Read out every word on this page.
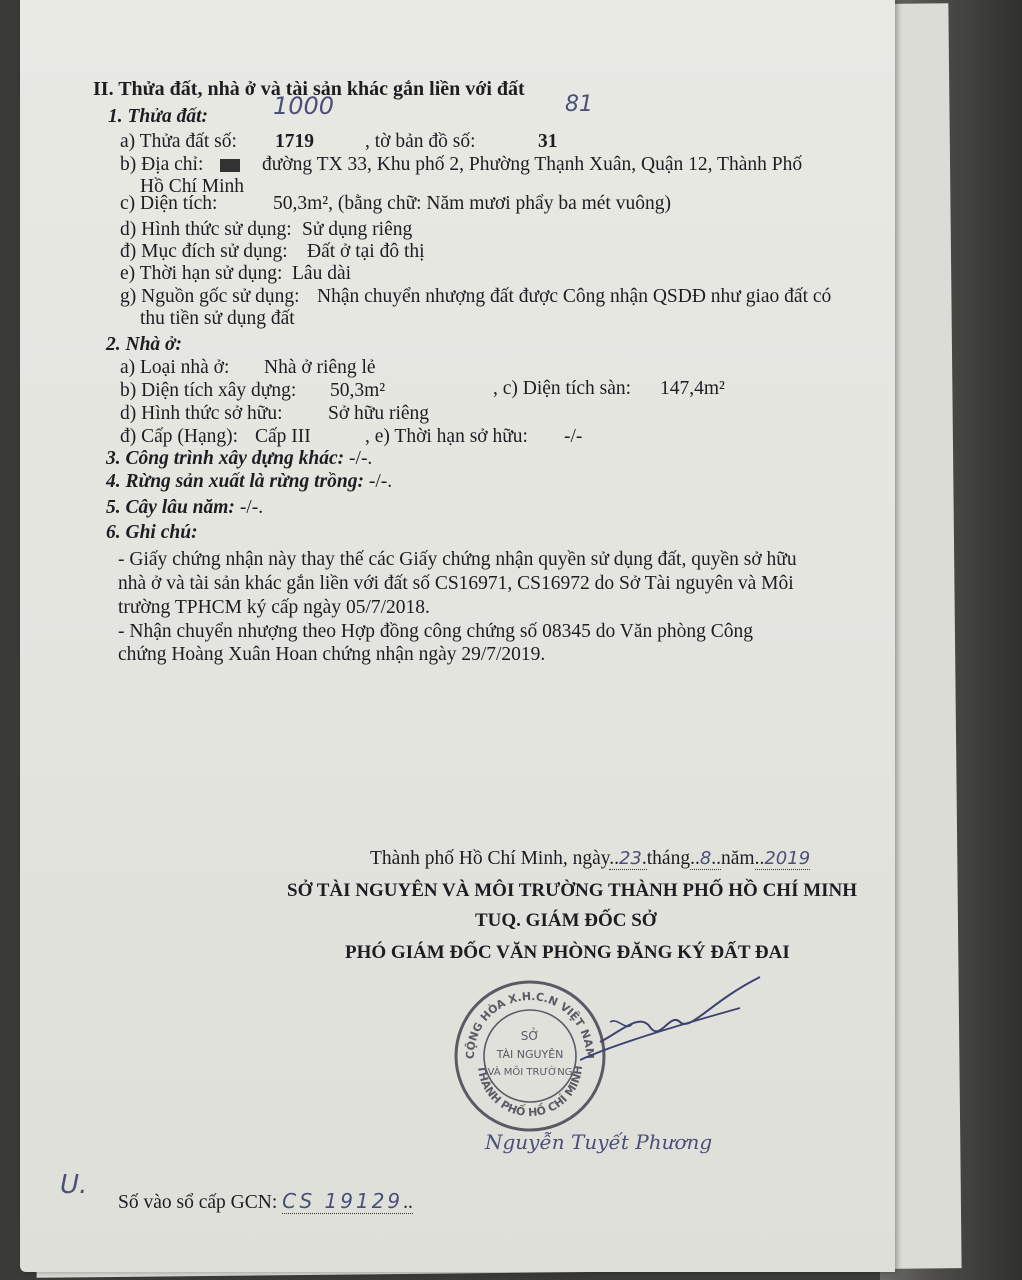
II. Thửa đất, nhà ở và tài sản khác gắn liền với đất
1. Thửa đất:	1000	81
a) Thửa đất số: 1719	, tờ bản đồ số:	31
b) Địa chỉ:	đường TX 33, Khu phố 2, Phường Thạnh Xuân, Quận 12, Thành Phố
Hồ Chí Minh
c) Diện tích:	50,3m², (bằng chữ: Năm mươi phẩy ba mét vuông)
d) Hình thức sử dụng: Sử dụng riêng
đ) Mục đích sử dụng: Đất ở tại đô thị
e) Thời hạn sử dụng: Lâu dài
g) Nguồn gốc sử dụng: Nhận chuyển nhượng đất được Công nhận QSDĐ như giao đất có
thu tiền sử dụng đất
2. Nhà ở:
a) Loại nhà ở: Nhà ở riêng lẻ
b) Diện tích xây dựng: 50,3m²	, c) Diện tích sàn: 147,4m²
d) Hình thức sở hữu: Sở hữu riêng
đ) Cấp (Hạng): Cấp III	, e) Thời hạn sở hữu: -/-
3. Công trình xây dựng khác: -/-.
4. Rừng sản xuất là rừng trồng: -/-.
5. Cây lâu năm: -/-.
6. Ghi chú:
- Giấy chứng nhận này thay thế các Giấy chứng nhận quyền sử dụng đất, quyền sở hữu
nhà ở và tài sản khác gắn liền với đất số CS16971, CS16972 do Sở Tài nguyên và Môi
trường TPHCM ký cấp ngày 05/7/2018.
- Nhận chuyển nhượng theo Hợp đồng công chứng số 08345 do Văn phòng Công
chứng Hoàng Xuân Hoan chứng nhận ngày 29/7/2019.
Thành phố Hồ Chí Minh, ngày..23.tháng..8..năm..2019
SỞ TÀI NGUYÊN VÀ MÔI TRƯỜNG THÀNH PHỐ HỒ CHÍ MINH
TUQ. GIÁM ĐỐC SỞ
PHÓ GIÁM ĐỐC VĂN PHÒNG ĐĂNG KÝ ĐẤT ĐAI
CỘNG HÒA X.H.C.N VIỆT NAM
THÀNH PHỐ HỒ CHÍ MINH
SỞ
TÀI NGUYÊN
VÀ MÔI TRƯỜNG
Nguyễn Tuyết Phương
U.
Số vào sổ cấp GCN: CS 19129..
